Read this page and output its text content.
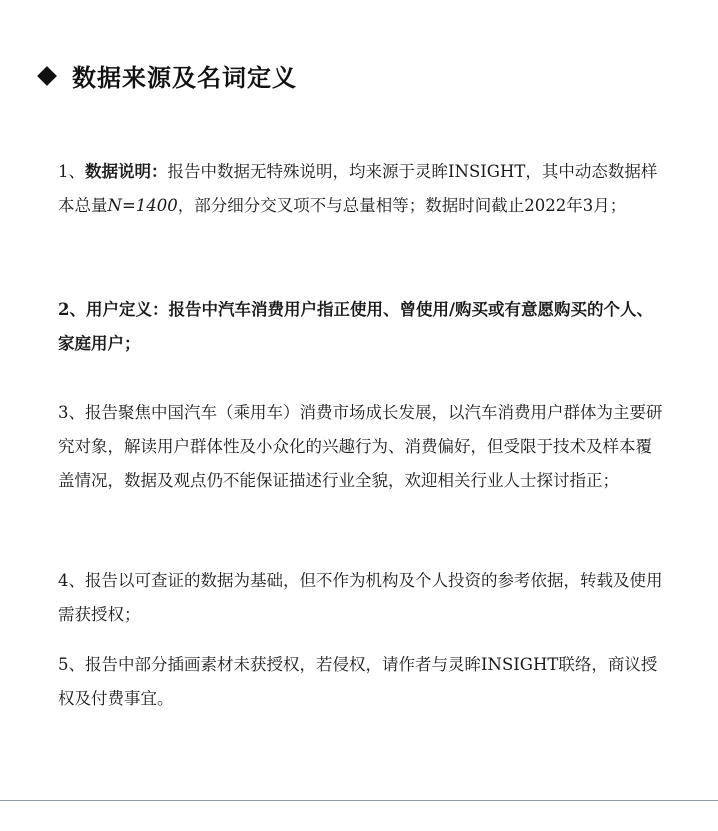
数据来源及名词定义
1、数据说明：报告中数据无特殊说明，均来源于灵眸INSIGHT，其中动态数据样本总量N=1400，部分细分交叉项不与总量相等；数据时间截止2022年3月；
2、用户定义：报告中汽车消费用户指正使用、曾使用/购买或有意愿购买的个人、家庭用户；
3、报告聚焦中国汽车（乘用车）消费市场成长发展，以汽车消费用户群体为主要研究对象，解读用户群体性及小众化的兴趣行为、消费偏好，但受限于技术及样本覆盖情况，数据及观点仍不能保证描述行业全貌，欢迎相关行业人士探讨指正；
4、报告以可查证的数据为基础，但不作为机构及个人投资的参考依据，转载及使用需获授权；
5、报告中部分插画素材未获授权，若侵权，请作者与灵眸INSIGHT联络，商议授权及付费事宜。
